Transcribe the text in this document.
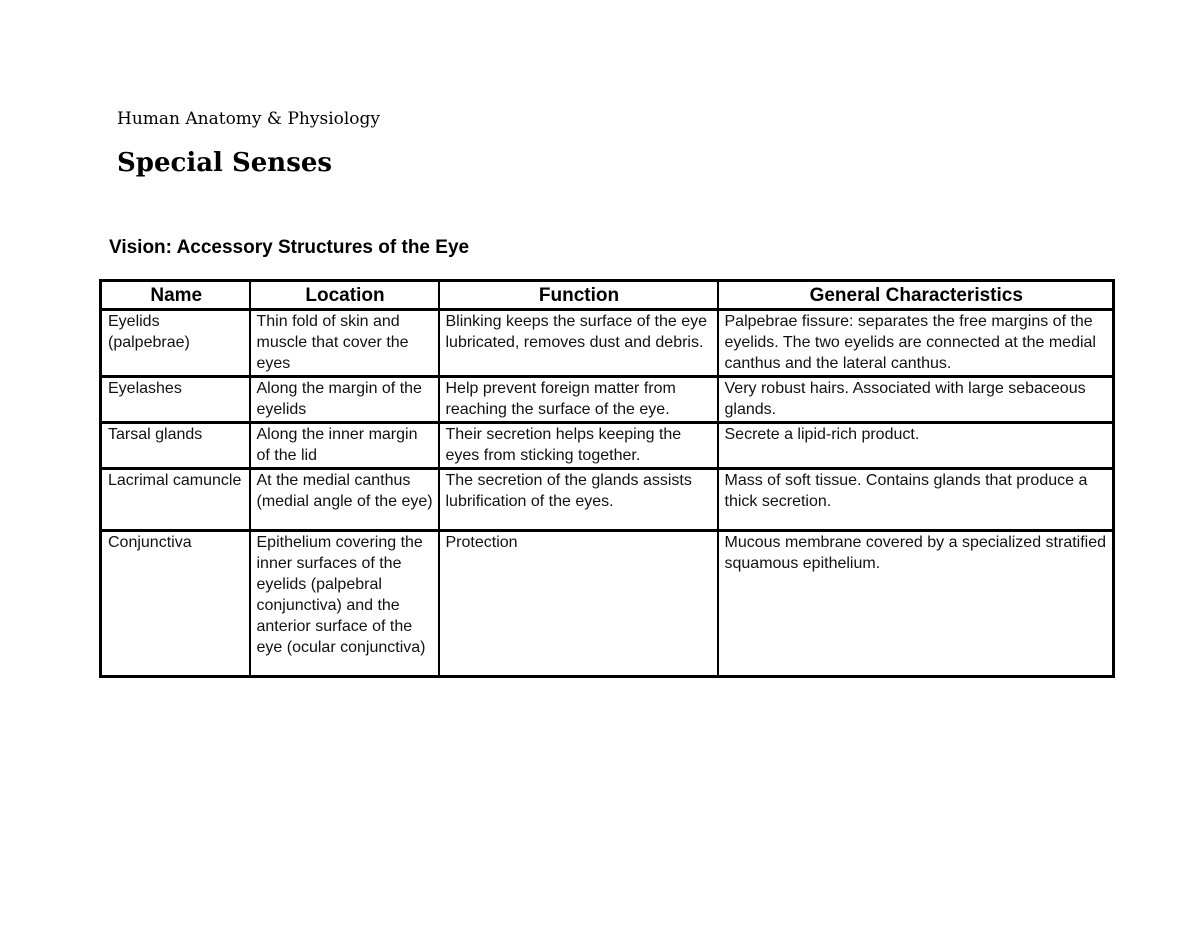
Human Anatomy & Physiology
Special Senses
Vision: Accessory Structures of the Eye
Name	Location	Function	General Characteristics
Eyelids (palpebrae)	Thin fold of skin and muscle that cover the eyes	Blinking keeps the surface of the eye lubricated, removes dust and debris.	Palpebrae fissure: separates the free margins of the eyelids. The two eyelids are connected at the medial canthus and the lateral canthus.
Eyelashes	Along the margin of the eyelids	Help prevent foreign matter from reaching the surface of the eye.	Very robust hairs. Associated with large sebaceous glands.
Tarsal glands	Along the inner margin of the lid	Their secretion helps keeping the eyes from sticking together.	Secrete a lipid-rich product.
Lacrimal camuncle	At the medial canthus (medial angle of the eye)	The secretion of the glands assists lubrification of the eyes.	Mass of soft tissue. Contains glands that produce a thick secretion.
Conjunctiva	Epithelium covering the inner surfaces of the eyelids (palpebral conjunctiva) and the anterior surface of the eye (ocular conjunctiva)	Protection	Mucous membrane covered by a specialized stratified squamous epithelium.
